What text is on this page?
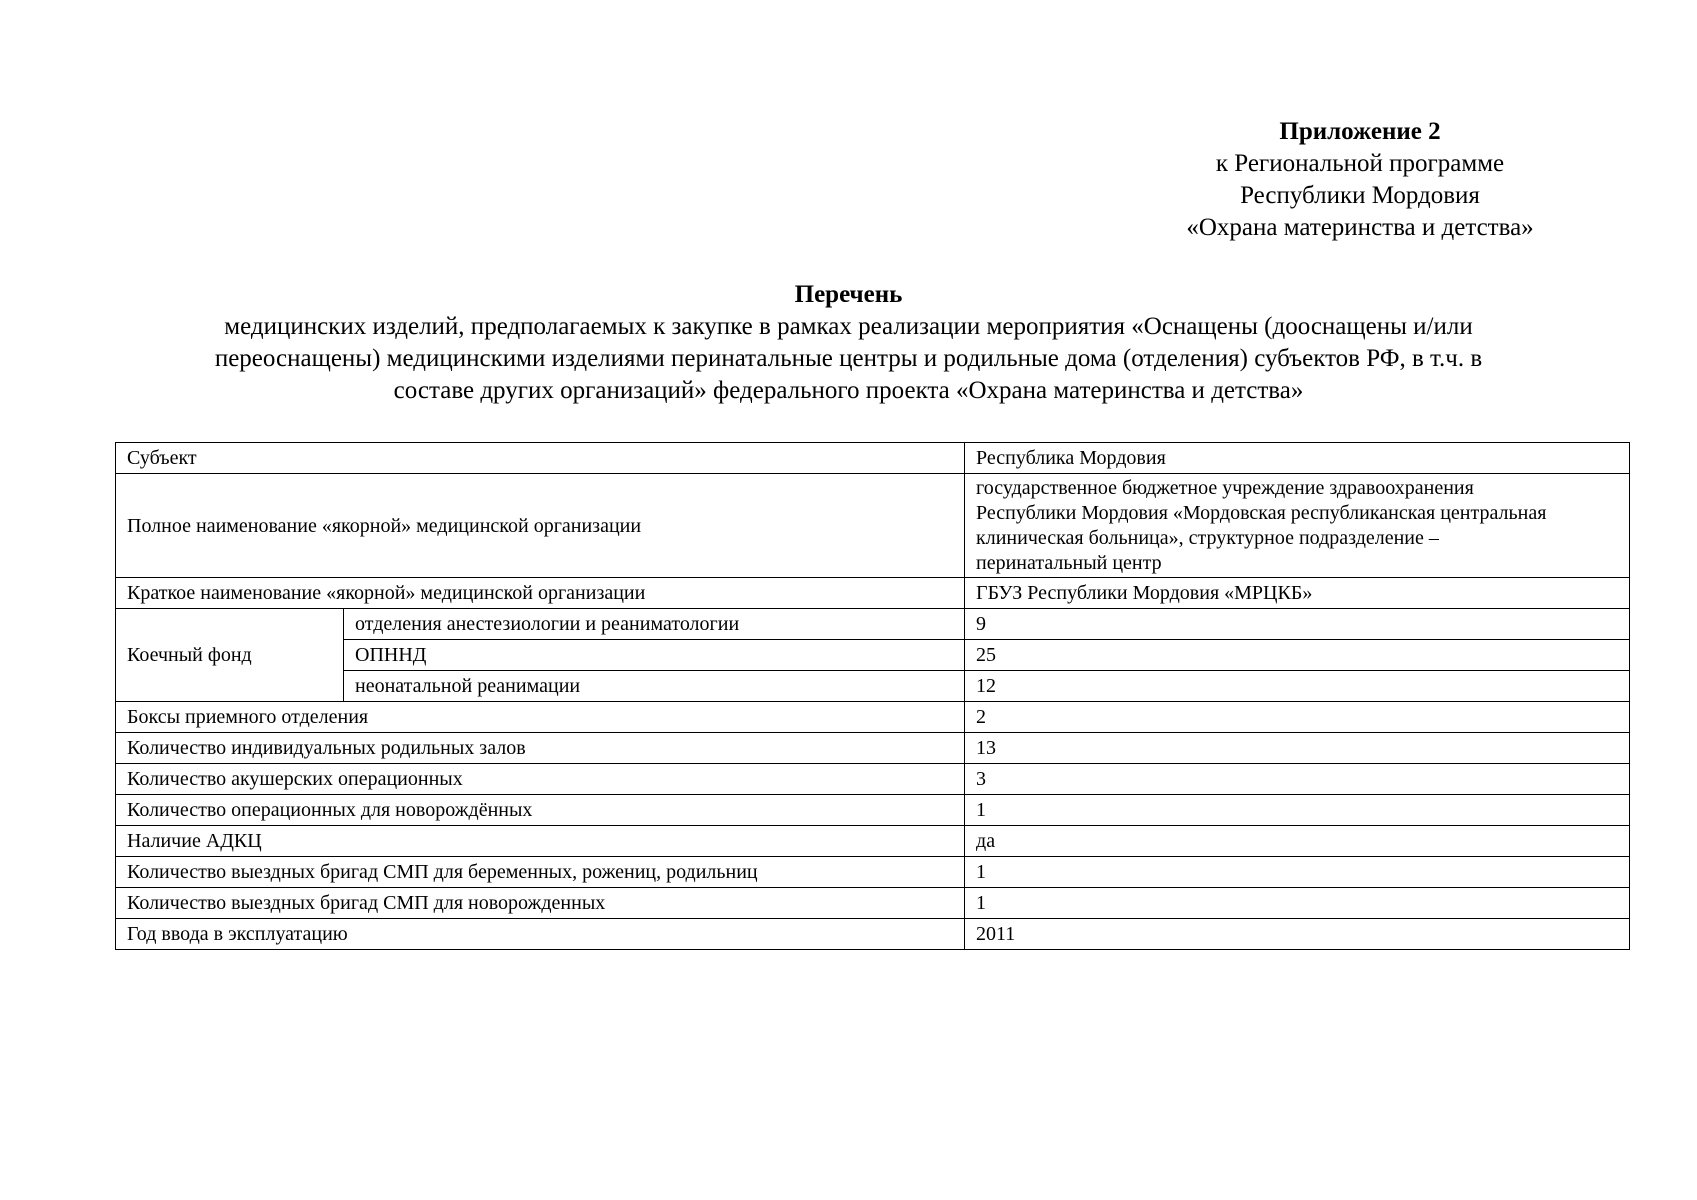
Приложение 2
к Региональной программе
Республики Мордовия
«Охрана материнства и детства»
Перечень
медицинских изделий, предполагаемых к закупке в рамках реализации мероприятия «Оснащены (дооснащены и/или
переоснащены) медицинскими изделиями перинатальные центры и родильные дома (отделения) субъектов РФ, в т.ч. в
составе других организаций» федерального проекта «Охрана материнства и детства»
Субъект		Республика Мордовия
Полное наименование «якорной» медицинской организации		государственное бюджетное учреждение здравоохранения
Республики Мордовия «Мордовская республиканская центральная
клиническая больница», структурное подразделение –
перинатальный центр

Краткое наименование «якорной» медицинской организации		ГБУЗ Республики Мордовия «МРЦКБ»
Коечный фонд	отделения анестезиологии и реаниматологии	9
	ОПННД	25
	неонатальной реанимации	12
Боксы приемного отделения		2
Количество индивидуальных родильных залов		13
Количество акушерских операционных		3
Количество операционных для новорождённых		1
Наличие АДКЦ		да
Количество выездных бригад СМП для беременных, рожениц, родильниц		1
Количество выездных бригад СМП для новорожденных		1
Год ввода в эксплуатацию		2011
